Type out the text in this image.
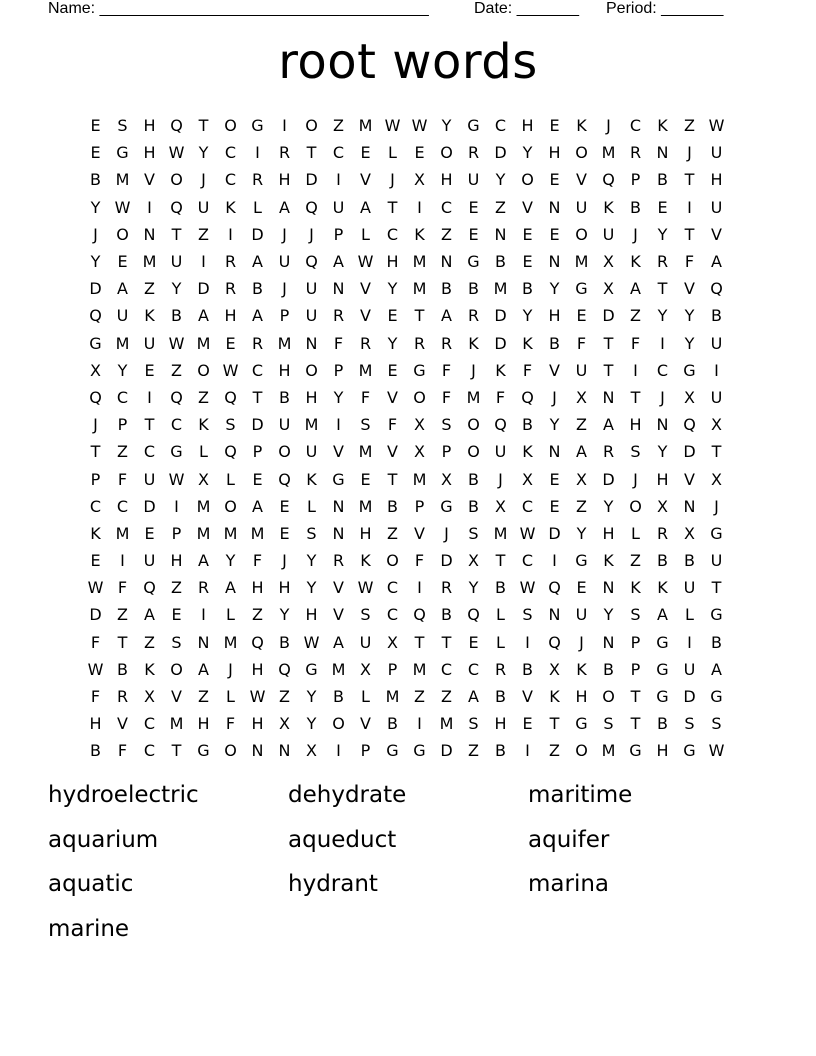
Name: _____________________________________	Date: _______ Period: _______
root words
E	S H Q T O G	I	O Z M W W Y G C H E	K	J	C	K	Z W
E G H W Y	C	I	R	T	C	E	L	E O R D Y	H O M R N	J	U
B M V O	J	C R H D	I	V	J	X H U	Y O E	V Q P	B	T	H
Y W	I	Q U K	L	A Q U A	T	I	C	E	Z	V N U K	B	E	I	U
J	O N	T	Z	I	D	J	J	P	L	C	K	Z	E N E	E O U	J	Y	T	V
Y	E M U	I	R A U Q A W H M N G B	E N M X	K	R	F	A
D A	Z	Y D R B	J	U N V	Y M B	B M B	Y G X	A	T	V Q
Q U K	B	A H A	P	U R V	E	T	A R D Y	H E D Z	Y	Y	B
G M U W M E	R M N	F	R	Y	R R	K D K	B	F	T	F	I	Y	U
X	Y	E	Z O W C H O P M E G	F	J	K	F	V U	T	I	C G	I
Q C	I	Q Z Q T	B H	Y	F	V O	F M F	Q	J	X N	T	J	X U
J	P	T	C	K	S D U M	I	S	F	X	S O Q B	Y	Z	A H N Q X
T	Z C G	L	Q P O U V M V	X	P O U K N A R	S	Y D T
P	F	U W X	L	E Q K G E	T M X	B	J	X	E	X D	J	H V	X
C C D	I	M O A	E	L	N M B	P G B	X C	E	Z	Y O X N	J
K M E	P M M M E	S N H Z	V	J	S M W D Y	H	L	R X G
E	I	U H A	Y	F	J	Y	R	K O	F	D X	T	C	I	G K	Z	B	B U
W F	Q Z R A H H	Y	V W C	I	R	Y	B W Q E N K	K U	T
D Z	A	E	I	L	Z	Y	H V	S	C Q B Q	L	S N U	Y	S	A	L	G
F	T	Z	S N M Q B W A U X	T	T	E	L	I	Q	J	N	P G	I	B
W B	K O A	J	H Q G M X	P M C C R B	X	K	B	P G U A
F	R X	V	Z	L W Z	Y	B	L M Z	Z	A	B	V	K H O T G D G
H V C M H	F	H X	Y O V	B	I	M S H E	T G S	T	B	S	S
B	F	C	T G O N N X	I	P G G D Z	B	I	Z O M G H G W
hydroelectric	dehydrate	maritime
aquarium	aqueduct	aquifer
aquatic	hydrant	marina
marine
